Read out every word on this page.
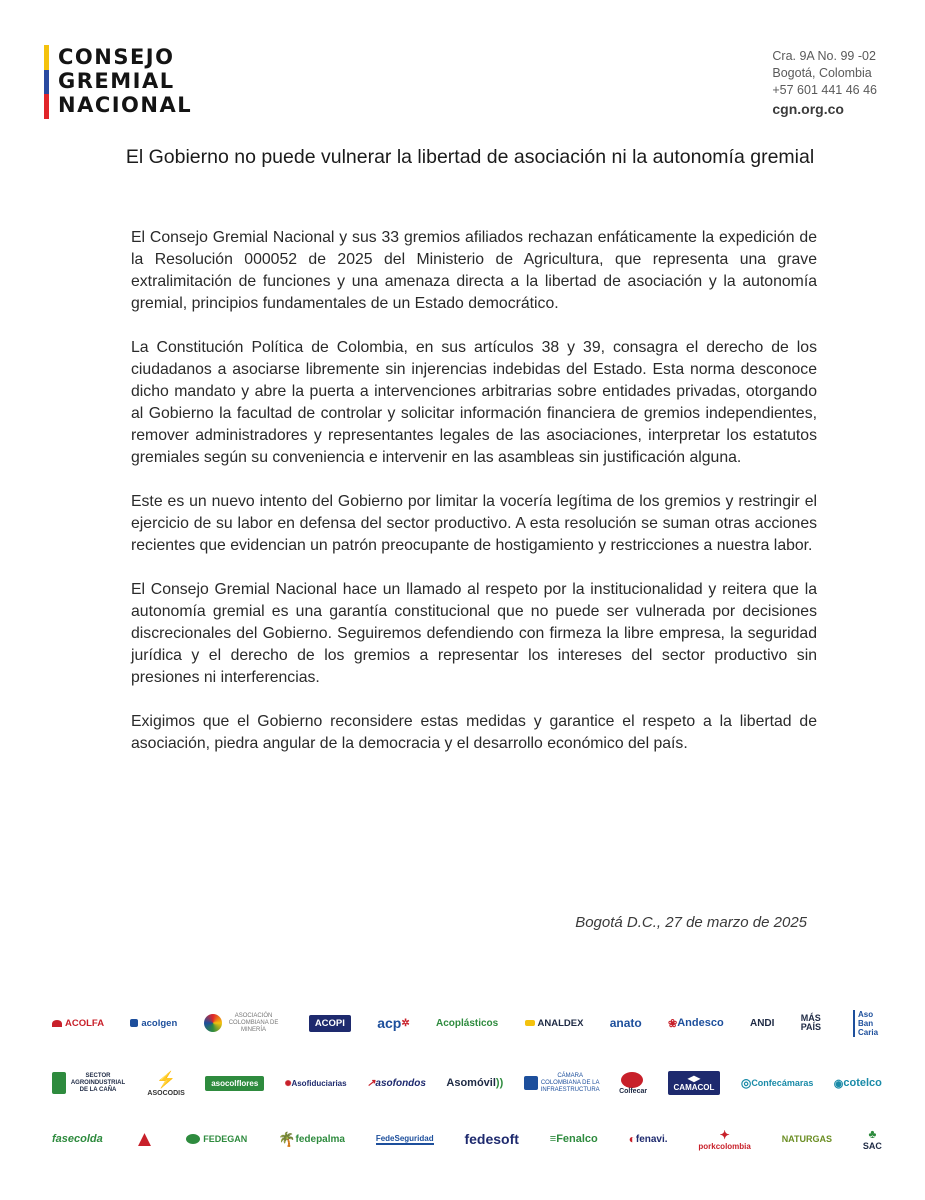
CONSEJO
GREMIAL
NACIONAL
Cra. 9A No. 99 -02
Bogotá, Colombia
+57 601 441 46 46
cgn.org.co
El Gobierno no puede vulnerar la libertad de asociación ni la autonomía gremial

El Consejo Gremial Nacional y sus 33 gremios afiliados rechazan enfáticamente la expedición de la Resolución 000052 de 2025 del Ministerio de Agricultura, que representa una grave extralimitación de funciones y una amenaza directa a la libertad de asociación y la autonomía gremial, principios fundamentales de un Estado democrático.

La Constitución Política de Colombia, en sus artículos 38 y 39, consagra el derecho de los ciudadanos a asociarse libremente sin injerencias indebidas del Estado. Esta norma desconoce dicho mandato y abre la puerta a intervenciones arbitrarias sobre entidades privadas, otorgando al Gobierno la facultad de controlar y solicitar información financiera de gremios independientes, remover administradores y representantes legales de las asociaciones, interpretar los estatutos gremiales según su conveniencia e intervenir en las asambleas sin justificación alguna.

Este es un nuevo intento del Gobierno por limitar la vocería legítima de los gremios y restringir el ejercicio de su labor en defensa del sector productivo. A esta resolución se suman otras acciones recientes que evidencian un patrón preocupante de hostigamiento y restricciones a nuestra labor.

El Consejo Gremial Nacional hace un llamado al respeto por la institucionalidad y reitera que la autonomía gremial es una garantía constitucional que no puede ser vulnerada por decisiones discrecionales del Gobierno. Seguiremos defendiendo con firmeza la libre empresa, la seguridad jurídica y el derecho de los gremios a representar los intereses del sector productivo sin presiones ni interferencias.

Exigimos que el Gobierno reconsidere estas medidas y garantice el respeto a la libertad de asociación, piedra angular de la democracia y el desarrollo económico del país.

Bogotá D.C., 27 de marzo de 2025
ACOLFA	acolgen
ASOCIACIÓN COLOMBIANA DE MINERÍA
ACOPI acp ✲	Acoplásticos	ANALDEX anato ❀ Andesco	ANDI	MÁS PAÍS
Aso Ban Caria
SECTOR AGROINDUSTRIAL DE LA CAÑA
⚡
ASOCODIS
asocolflores	✺ Asofiduciarias ↗ asofondos Asomóvil ))
CÁMARA COLOMBIANA DE LA INFRAESTRUCTURA	Colfecar
◀▶
CAMACOL ◎ Confecámaras ◉ cotelco
fasecolda ▲	FEDEGAN 🌴 fedepalma	FedeSeguridad fedesoft	≡ Fenalco	◐ fenavi.	✦
porkcolombia
NATURGAS	♣
SAC
